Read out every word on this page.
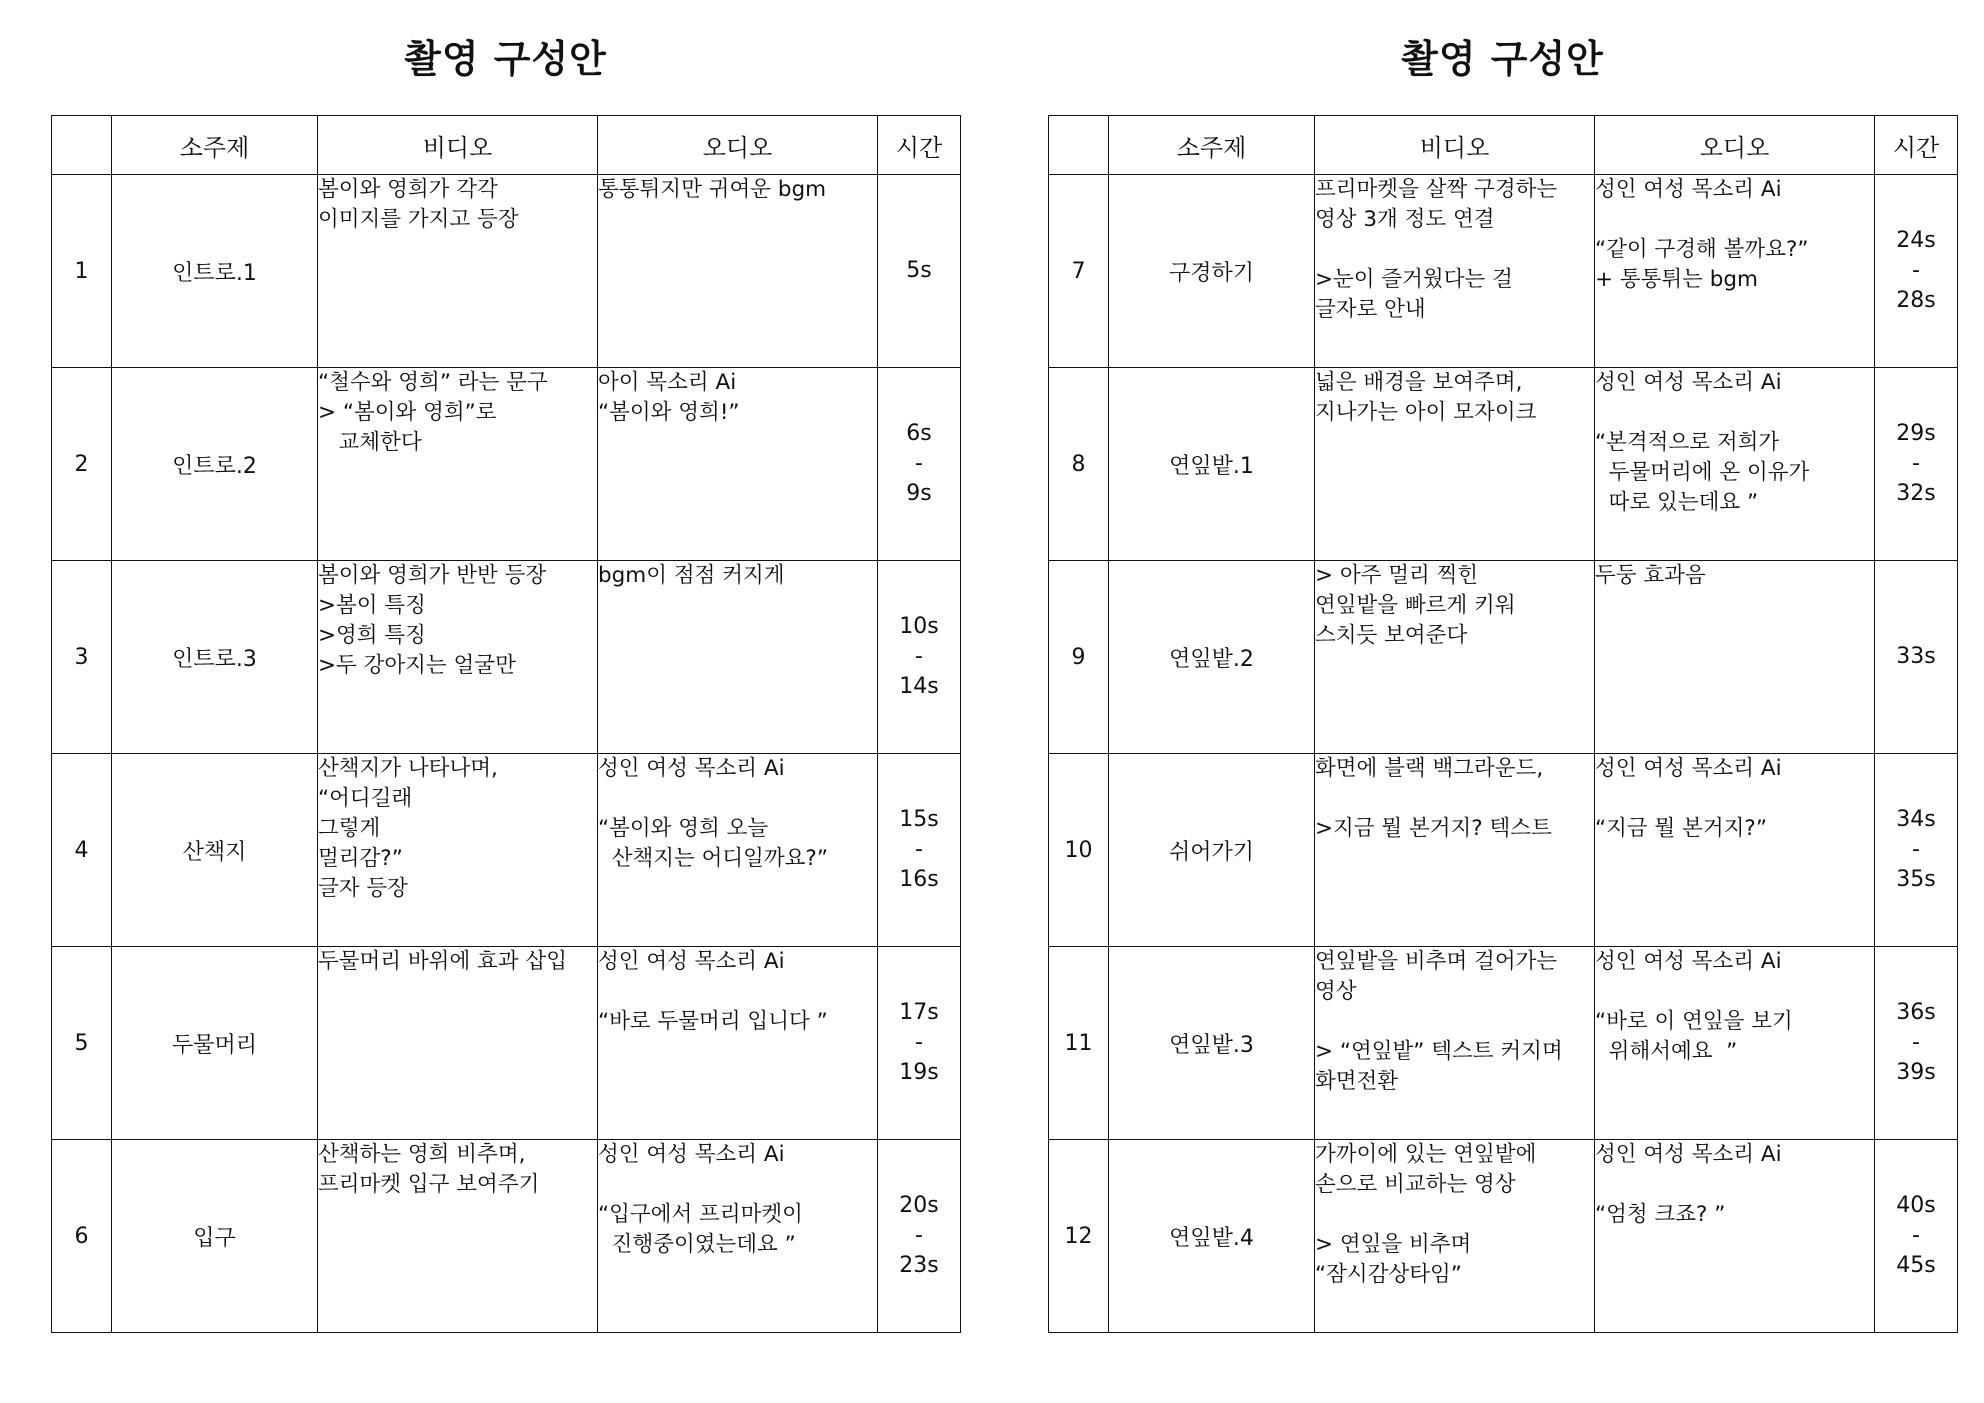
촬영 구성안
	소주제	비디오	오디오	시간
1	인트로.1	봄이와 영희가 각각
이미지를 가지고 등장	통통튀지만 귀여운 bgm	5s
2	인트로.2	“철수와 영희” 라는 문구
> “봄이와 영희”로
교체한다	아이 목소리 Ai
“봄이와 영희!”	6s
-
9s
3	인트로.3	봄이와 영희가 반반 등장
>봄이 특징
>영희 특징
>두 강아지는 얼굴만	bgm이 점점 커지게	10s
-
14s
4	산책지	산책지가 나타나며,
“어디길래
그렇게
멀리감?”
글자 등장	성인 여성 목소리 Ai

“봄이와 영희 오늘
산책지는 어디일까요?”	15s
-
16s
5	두물머리	두물머리 바위에 효과 삽입	성인 여성 목소리 Ai

“바로 두물머리 입니다 ”	17s
-
19s
6	입구	산책하는 영희 비추며,
프리마켓 입구 보여주기	성인 여성 목소리 Ai

“입구에서 프리마켓이
진행중이였는데요 ”	20s
-
23s
촬영 구성안
	소주제	비디오	오디오	시간
7	구경하기	프리마켓을 살짝 구경하는
영상 3개 정도 연결

>눈이 즐거웠다는 걸
글자로 안내	성인 여성 목소리 Ai

“같이 구경해 볼까요?”
+ 통통튀는 bgm	24s
-
28s
8	연잎밭.1	넓은 배경을 보여주며,
지나가는 아이 모자이크	성인 여성 목소리 Ai

“본격적으로 저희가
두물머리에 온 이유가
따로 있는데요 ”	29s
-
32s
9	연잎밭.2	> 아주 멀리 찍힌
연잎밭을 빠르게 키워
스치듯 보여준다	두둥 효과음	33s
10	쉬어가기	화면에 블랙 백그라운드,

>지금 뭘 본거지? 텍스트	성인 여성 목소리 Ai

“지금 뭘 본거지?”	34s
-
35s
11	연잎밭.3	연잎밭을 비추며 걸어가는
영상

> “연잎밭” 텍스트 커지며
화면전환	성인 여성 목소리 Ai

“바로 이 연잎을 보기
위해서예요  ”	36s
-
39s
12	연잎밭.4	가까이에 있는 연잎밭에
손으로 비교하는 영상

> 연잎을 비추며
“잠시감상타임”	성인 여성 목소리 Ai

“엄청 크죠? ”	40s
-
45s
